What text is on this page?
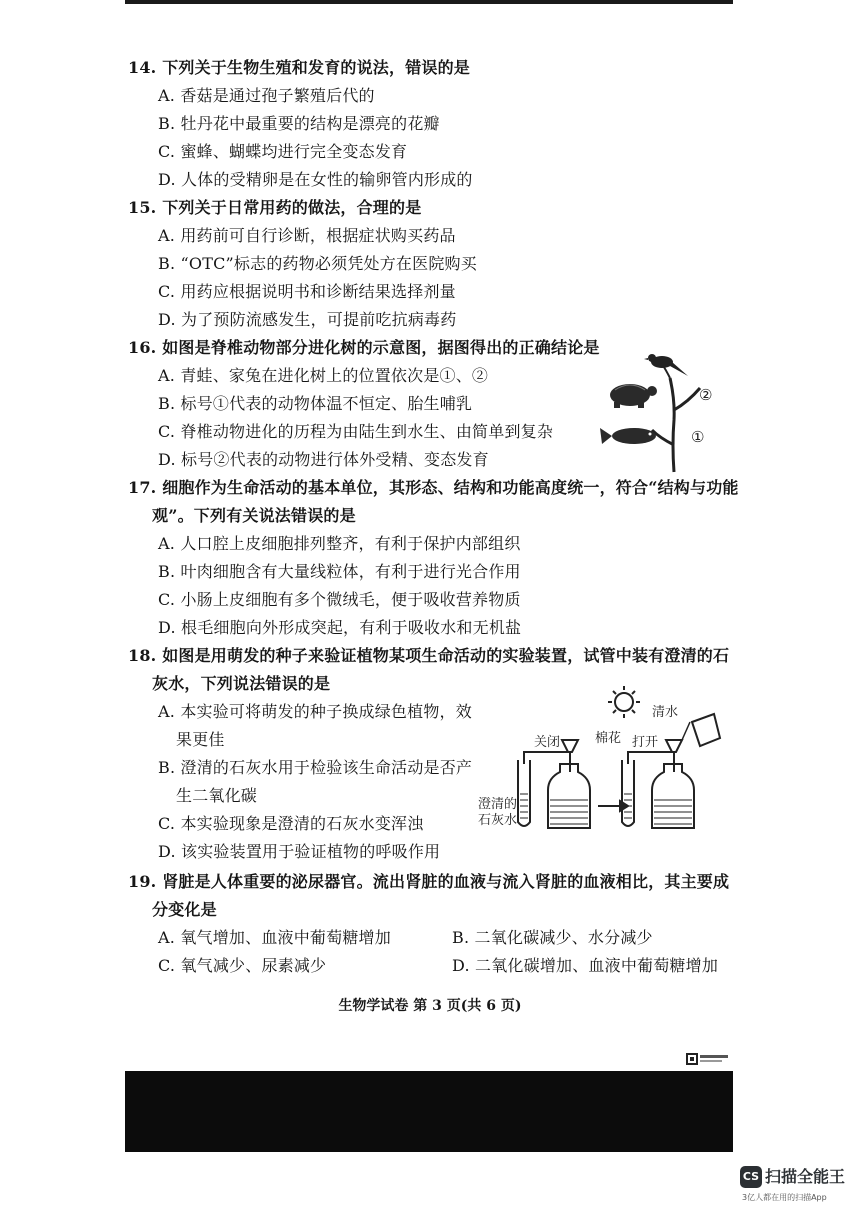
14. 下列关于生物生殖和发育的说法，错误的是
A. 香菇是通过孢子繁殖后代的
B. 牡丹花中最重要的结构是漂亮的花瓣
C. 蜜蜂、蝴蝶均进行完全变态发育
D. 人体的受精卵是在女性的输卵管内形成的
15. 下列关于日常用药的做法，合理的是
A. 用药前可自行诊断，根据症状购买药品
B. “OTC”标志的药物必须凭处方在医院购买
C. 用药应根据说明书和诊断结果选择剂量
D. 为了预防流感发生，可提前吃抗病毒药
16. 如图是脊椎动物部分进化树的示意图，据图得出的正确结论是
A. 青蛙、家兔在进化树上的位置依次是①、②
B. 标号①代表的动物体温不恒定、胎生哺乳
C. 脊椎动物进化的历程为由陆生到水生、由简单到复杂
D. 标号②代表的动物进行体外受精、变态发育
②
①
17. 细胞作为生命活动的基本单位，其形态、结构和功能高度统一，符合“结构与功能
观”。下列有关说法错误的是
A. 人口腔上皮细胞排列整齐，有利于保护内部组织
B. 叶肉细胞含有大量线粒体，有利于进行光合作用
C. 小肠上皮细胞有多个微绒毛，便于吸收营养物质
D. 根毛细胞向外形成突起，有利于吸收水和无机盐
18. 如图是用萌发的种子来验证植物某项生命活动的实验装置，试管中装有澄清的石
灰水，下列说法错误的是
A. 本实验可将萌发的种子换成绿色植物，效
果更佳
B. 澄清的石灰水用于检验该生命活动是否产
生二氧化碳
C. 本实验现象是澄清的石灰水变浑浊
D. 该实验装置用于验证植物的呼吸作用
关闭	棉花 打开
清水
澄清的
石灰水
19. 肾脏是人体重要的泌尿器官。流出肾脏的血液与流入肾脏的血液相比，其主要成
分变化是
A. 氧气增加、血液中葡萄糖增加	B. 二氧化碳减少、水分减少
C. 氧气减少、尿素减少	D. 二氧化碳增加、血液中葡萄糖增加
生物学试卷 第 3 页(共 6 页)
CS 扫描全能王
3亿人都在用的扫描App
